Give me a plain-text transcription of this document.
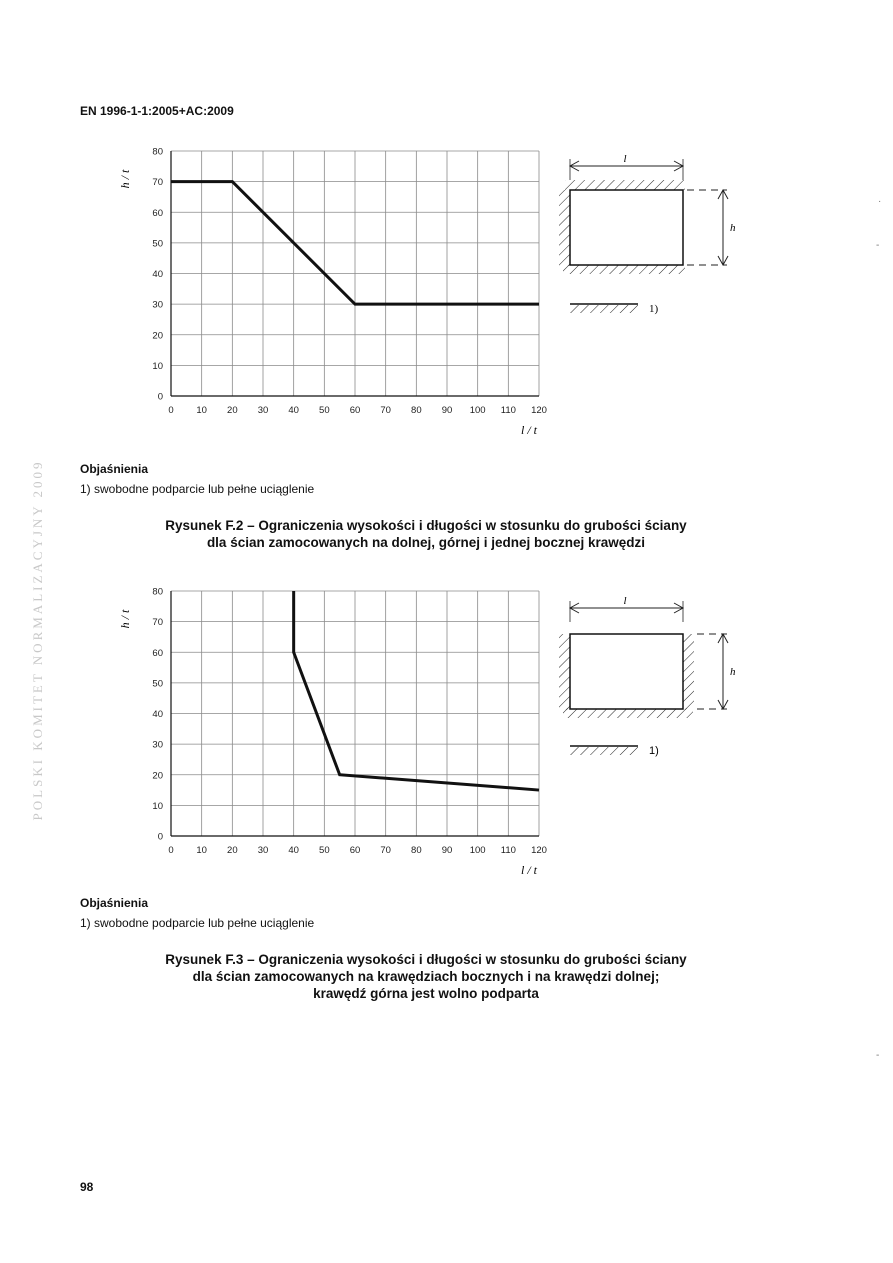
EN 1996-1-1:2005+AC:2009
POLSKI KOMITET NORMALIZACYJNY 2009
0 10 20 30 40 50 60 70 80 90 100 110 120
0
10
20
30
40
50
60
70
80
h / t
l / t
l
h
1)
Objaśnienia
1) swobodne podparcie lub pełne uciąglenie
Rysunek F.2 – Ograniczenia wysokości i długości w stosunku do grubości ściany
dla ścian zamocowanych na dolnej, górnej i jednej bocznej krawędzi
0 10 20 30 40 50 60 70 80 90 100 110 120
0
10
20
30
40
50
60
70
80
h / t
l / t
l
h
1)
Objaśnienia
1) swobodne podparcie lub pełne uciąglenie
Rysunek F.3 – Ograniczenia wysokości i długości w stosunku do grubości ściany
dla ścian zamocowanych na krawędziach bocznych i na krawędzi dolnej;
krawędź górna jest wolno podparta
98
·
-
-
